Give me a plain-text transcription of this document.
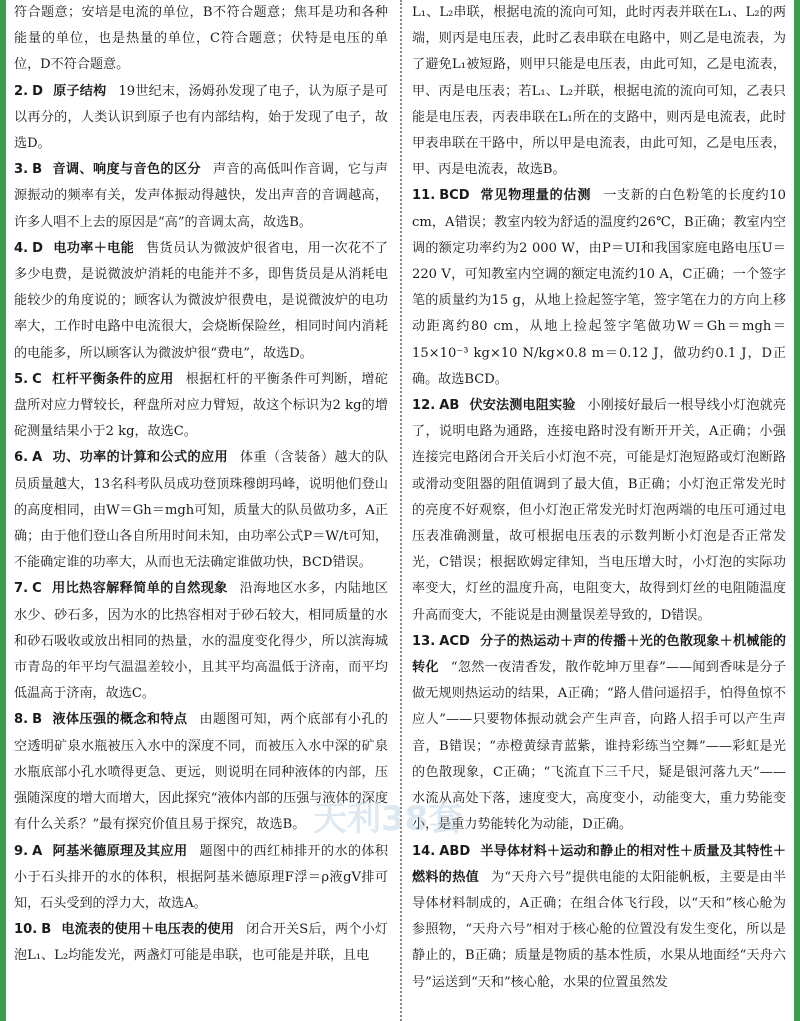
符合题意；安培是电流的单位，B不符合题意；焦耳是功和各种能量的单位，也是热量的单位，C符合题意；伏特是电压的单位，D不符合题意。

2. D 原子结构 19世纪末，汤姆孙发现了电子，认为原子是可以再分的，人类认识到原子也有内部结构，始于发现了电子，故选D。

3. B 音调、响度与音色的区分 声音的高低叫作音调，它与声源振动的频率有关，发声体振动得越快，发出声音的音调越高，许多人唱不上去的原因是“高”的音调太高，故选B。

4. D 电功率＋电能 售货员认为微波炉很省电，用一次花不了多少电费，是说微波炉消耗的电能并不多，即售货员是从消耗电能较少的角度说的；顾客认为微波炉很费电，是说微波炉的电功率大，工作时电路中电流很大，会烧断保险丝，相同时间内消耗的电能多，所以顾客认为微波炉很“费电”，故选D。

5. C 杠杆平衡条件的应用 根据杠杆的平衡条件可判断，增砣盘所对应力臂较长，秤盘所对应力臂短，故这个标识为2 kg的增砣测量结果小于2 kg，故选C。

6. A 功、功率的计算和公式的应用 体重（含装备）越大的队员质量越大，13名科考队员成功登顶珠穆朗玛峰，说明他们登山的高度相同，由W＝Gh＝mgh可知，质量大的队员做功多，A正确；由于他们登山各自所用时间未知，由功率公式P＝W/t可知，不能确定谁的功率大，从而也无法确定谁做功快，BCD错误。

7. C 用比热容解释简单的自然现象 沿海地区水多，内陆地区水少、砂石多，因为水的比热容相对于砂石较大，相同质量的水和砂石吸收或放出相同的热量，水的温度变化得少，所以滨海城市青岛的年平均气温温差较小，且其平均高温低于济南，而平均低温高于济南，故选C。

8. B 液体压强的概念和特点 由题图可知，两个底部有小孔的空透明矿泉水瓶被压入水中的深度不同，而被压入水中深的矿泉水瓶底部小孔水喷得更急、更远，则说明在同种液体的内部，压强随深度的增大而增大，因此探究“液体内部的压强与液体的深度有什么关系？”最有探究价值且易于探究，故选B。

9. A 阿基米德原理及其应用 题图中的西红柿排开的水的体积小于石头排开的水的体积，根据阿基米德原理F浮＝ρ液gV排可知，石头受到的浮力大，故选A。

10. B 电流表的使用＋电压表的使用 闭合开关S后，两个小灯泡L₁、L₂均能发光，两盏灯可能是串联，也可能是并联，且电

L₁、L₂串联，根据电流的流向可知，此时丙表并联在L₁、L₂的两端，则丙是电压表，此时乙表串联在电路中，则乙是电流表，为了避免L₁被短路，则甲只能是电压表，由此可知，乙是电流表，甲、丙是电压表；若L₁、L₂并联，根据电流的流向可知，乙表只能是电压表，丙表串联在L₁所在的支路中，则丙是电流表，此时甲表串联在干路中，所以甲是电流表，由此可知，乙是电压表，甲、丙是电流表，故选B。

11. BCD 常见物理量的估测 一支新的白色粉笔的长度约10 cm，A错误；教室内较为舒适的温度约26℃，B正确；教室内空调的额定功率约为2 000 W，由P＝UI和我国家庭电路电压U＝220 V，可知教室内空调的额定电流约10 A，C正确；一个签字笔的质量约为15 g，从地上捡起签字笔，签字笔在力的方向上移动距离约80 cm，从地上捡起签字笔做功W＝Gh＝mgh＝15×10⁻³ kg×10 N/kg×0.8 m＝0.12 J，做功约0.1 J，D正确。故选BCD。

12. AB 伏安法测电阻实验 小刚接好最后一根导线小灯泡就亮了，说明电路为通路，连接电路时没有断开开关，A正确；小强连接完电路闭合开关后小灯泡不亮，可能是灯泡短路或灯泡断路或滑动变阻器的阻值调到了最大值，B正确；小灯泡正常发光时的亮度不好观察，但小灯泡正常发光时灯泡两端的电压可通过电压表准确测量，故可根据电压表的示数判断小灯泡是否正常发光，C错误；根据欧姆定律知，当电压增大时，小灯泡的实际功率变大，灯丝的温度升高，电阻变大，故得到灯丝的电阻随温度升高而变大，不能说是由测量误差导致的，D错误。

13. ACD 分子的热运动＋声的传播＋光的色散现象＋机械能的转化 “忽然一夜清香发，散作乾坤万里春”——闻到香味是分子做无规则热运动的结果，A正确；“路人借问遥招手，怕得鱼惊不应人”——只要物体振动就会产生声音，向路人招手可以产生声音，B错误；“赤橙黄绿青蓝紫，谁持彩练当空舞”——彩虹是光的色散现象，C正确；“飞流直下三千尺，疑是银河落九天”——水流从高处下落，速度变大，高度变小，动能变大，重力势能变小，是重力势能转化为动能，D正确。

14. ABD 半导体材料＋运动和静止的相对性＋质量及其特性＋燃料的热值 为“天舟六号”提供电能的太阳能帆板，主要是由半导体材料制成的，A正确；在组合体飞行段，以“天和”核心舱为参照物，“天舟六号”相对于核心舱的位置没有发生变化，所以是静止的，B正确；质量是物质的基本性质，水果从地面经“天舟六号”运送到“天和”核心舱，水果的位置虽然发

天利38套
